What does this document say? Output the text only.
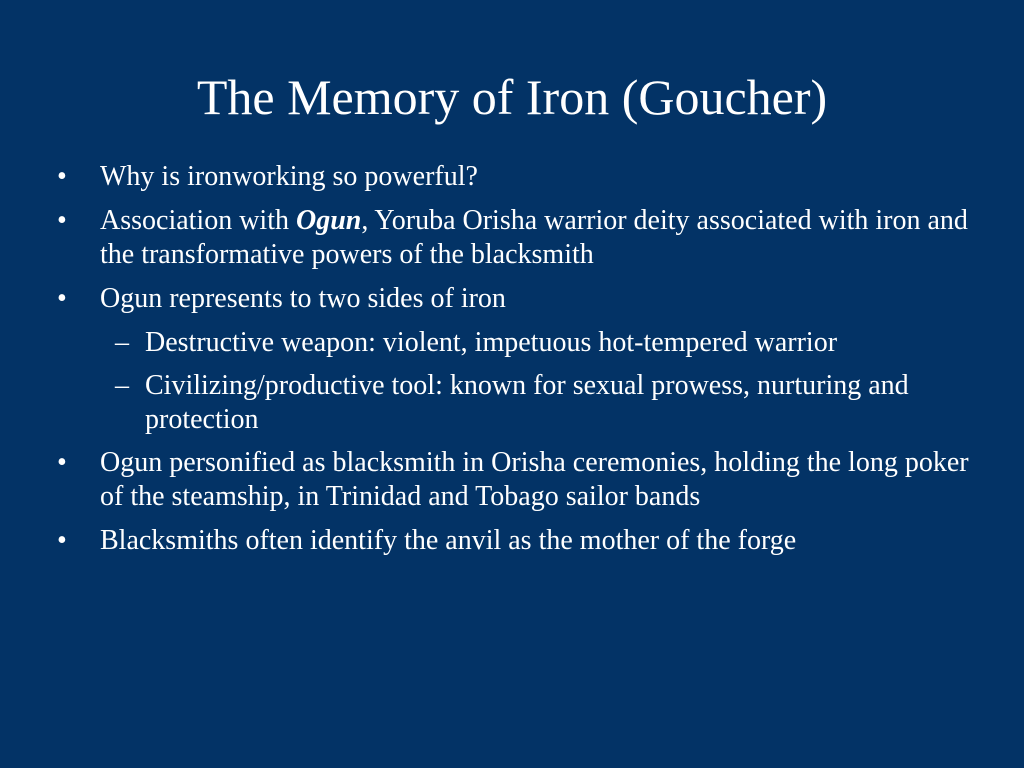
The Memory of Iron (Goucher)
• Why is ironworking so powerful?
• Association with Ogun, Yoruba Orisha warrior deity associated with iron and the transformative powers of the blacksmith
• Ogun represents to two sides of iron
– Destructive weapon: violent, impetuous hot-tempered warrior
– Civilizing/productive tool: known for sexual prowess, nurturing and protection
• Ogun personified as blacksmith in Orisha ceremonies, holding the long poker of the steamship, in Trinidad and Tobago sailor bands
• Blacksmiths often identify the anvil as the mother of the forge
